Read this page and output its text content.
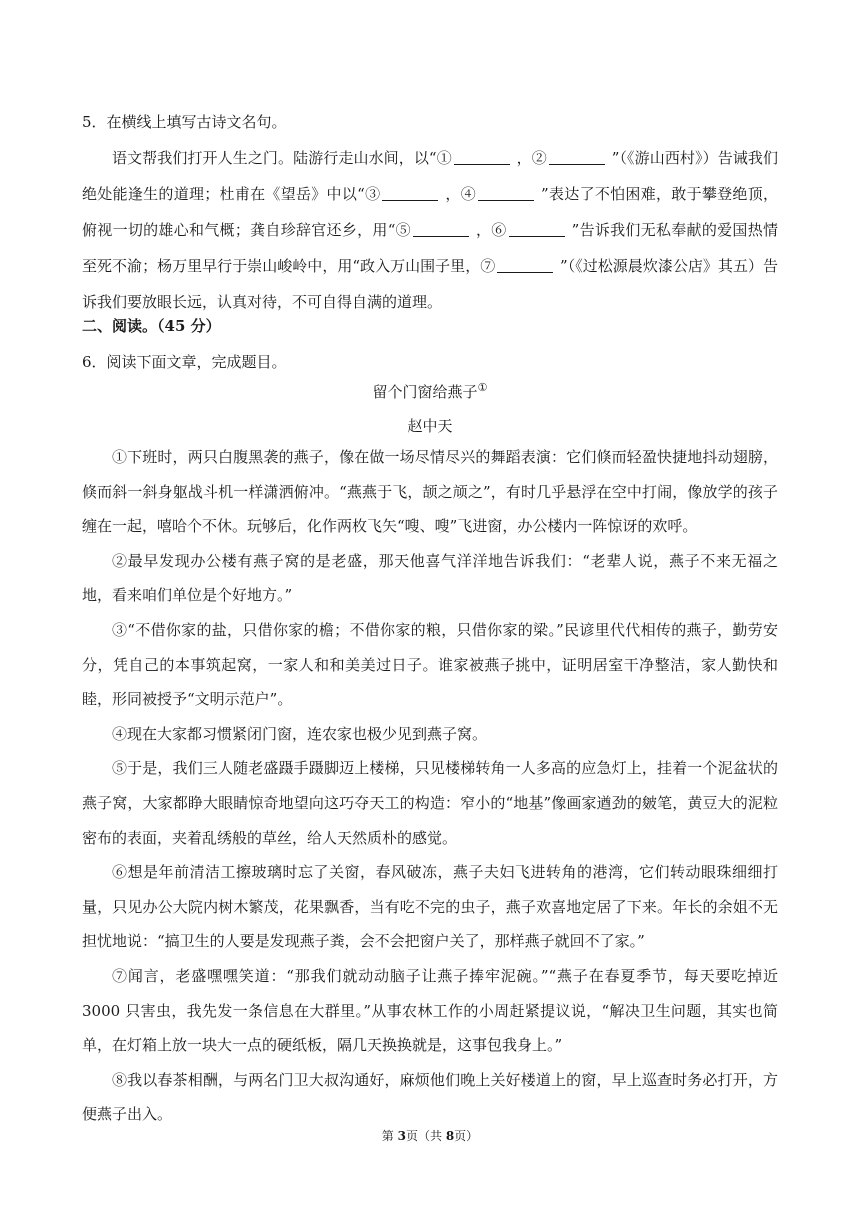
5．在横线上填写古诗文名句。
语文帮我们打开人生之门。陆游行走山水间，以“①	，②	”（《游山西村》）告诫我们绝处能逢生的道理；杜甫在《望岳》中以“③	，④	”表达了不怕困难，敢于攀登绝顶，俯视一切的雄心和气概；龚自珍辞官还乡，用“⑤	，⑥	”告诉我们无私奉献的爱国热情至死不渝；杨万里早行于崇山峻岭中，用“政入万山围子里，⑦	”（《过松源晨炊漆公店》其五）告诉我们要放眼长远，认真对待，不可自得自满的道理。
二、阅读。（45 分）
6．阅读下面文章，完成题目。
留个门窗给燕子①
赵中天

①下班时，两只白腹黑袭的燕子，像在做一场尽情尽兴的舞蹈表演：它们倏而轻盈快捷地抖动翅膀，倏而斜一斜身躯战斗机一样潇洒俯冲。“燕燕于飞，颉之颃之”，有时几乎悬浮在空中打闹，像放学的孩子缠在一起，嘻哈个不休。玩够后，化作两枚飞矢“嗖、嗖”飞进窗，办公楼内一阵惊讶的欢呼。

②最早发现办公楼有燕子窝的是老盛，那天他喜气洋洋地告诉我们：“老辈人说，燕子不来无福之地，看来咱们单位是个好地方。”

③“不借你家的盐，只借你家的檐；不借你家的粮，只借你家的梁。”民谚里代代相传的燕子，勤劳安分，凭自己的本事筑起窝，一家人和和美美过日子。谁家被燕子挑中，证明居室干净整洁，家人勤快和睦，形同被授予“文明示范户”。

④现在大家都习惯紧闭门窗，连农家也极少见到燕子窝。

⑤于是，我们三人随老盛蹑手蹑脚迈上楼梯，只见楼梯转角一人多高的应急灯上，挂着一个泥盆状的燕子窝，大家都睁大眼睛惊奇地望向这巧夺天工的构造：窄小的“地基”像画家遒劲的皴笔，黄豆大的泥粒密布的表面，夹着乱绣般的草丝，给人天然质朴的感觉。

⑥想是年前清洁工擦玻璃时忘了关窗，春风破冻，燕子夫妇飞进转角的港湾，它们转动眼珠细细打量，只见办公大院内树木繁茂，花果飘香，当有吃不完的虫子，燕子欢喜地定居了下来。年长的余姐不无担忧地说：“搞卫生的人要是发现燕子粪，会不会把窗户关了，那样燕子就回不了家。”

⑦闻言，老盛嘿嘿笑道：“那我们就动动脑子让燕子捧牢泥碗。”“燕子在春夏季节，每天要吃掉近 3000 只害虫，我先发一条信息在大群里。”从事农林工作的小周赶紧提议说，“解决卫生问题，其实也简单，在灯箱上放一块大一点的硬纸板，隔几天换换就是，这事包我身上。”

⑧我以春茶相酬，与两名门卫大叔沟通好，麻烦他们晚上关好楼道上的窗，早上巡查时务必打开，方便燕子出入。

第 3页（共 8页）
